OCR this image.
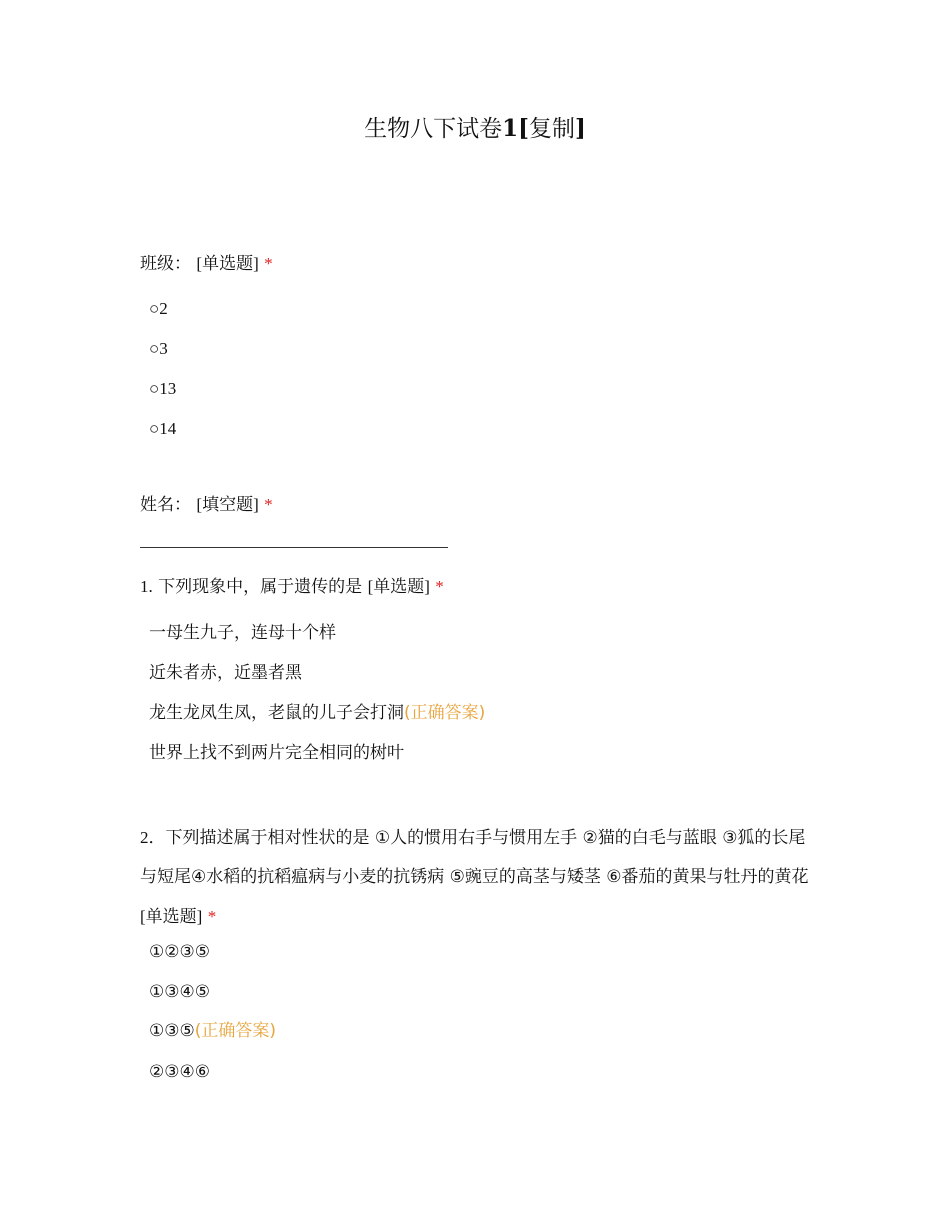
生物八下试卷1[复制]
班级： [单选题] *
○2
○3
○13
○14
姓名： [填空题] *
1. 下列现象中，属于遗传的是 [单选题] *
一母生九子，连母十个样
近朱者赤，近墨者黑
龙生龙凤生凤，老鼠的儿子会打洞(正确答案)
世界上找不到两片完全相同的树叶
2．下列描述属于相对性状的是 ①人的惯用右手与惯用左手 ②猫的白毛与蓝眼 ③狐的长尾与短尾④水稻的抗稻瘟病与小麦的抗锈病 ⑤豌豆的高茎与矮茎 ⑥番茄的黄果与牡丹的黄花 [单选题] *
①②③⑤
①③④⑤
①③⑤(正确答案)
②③④⑥
